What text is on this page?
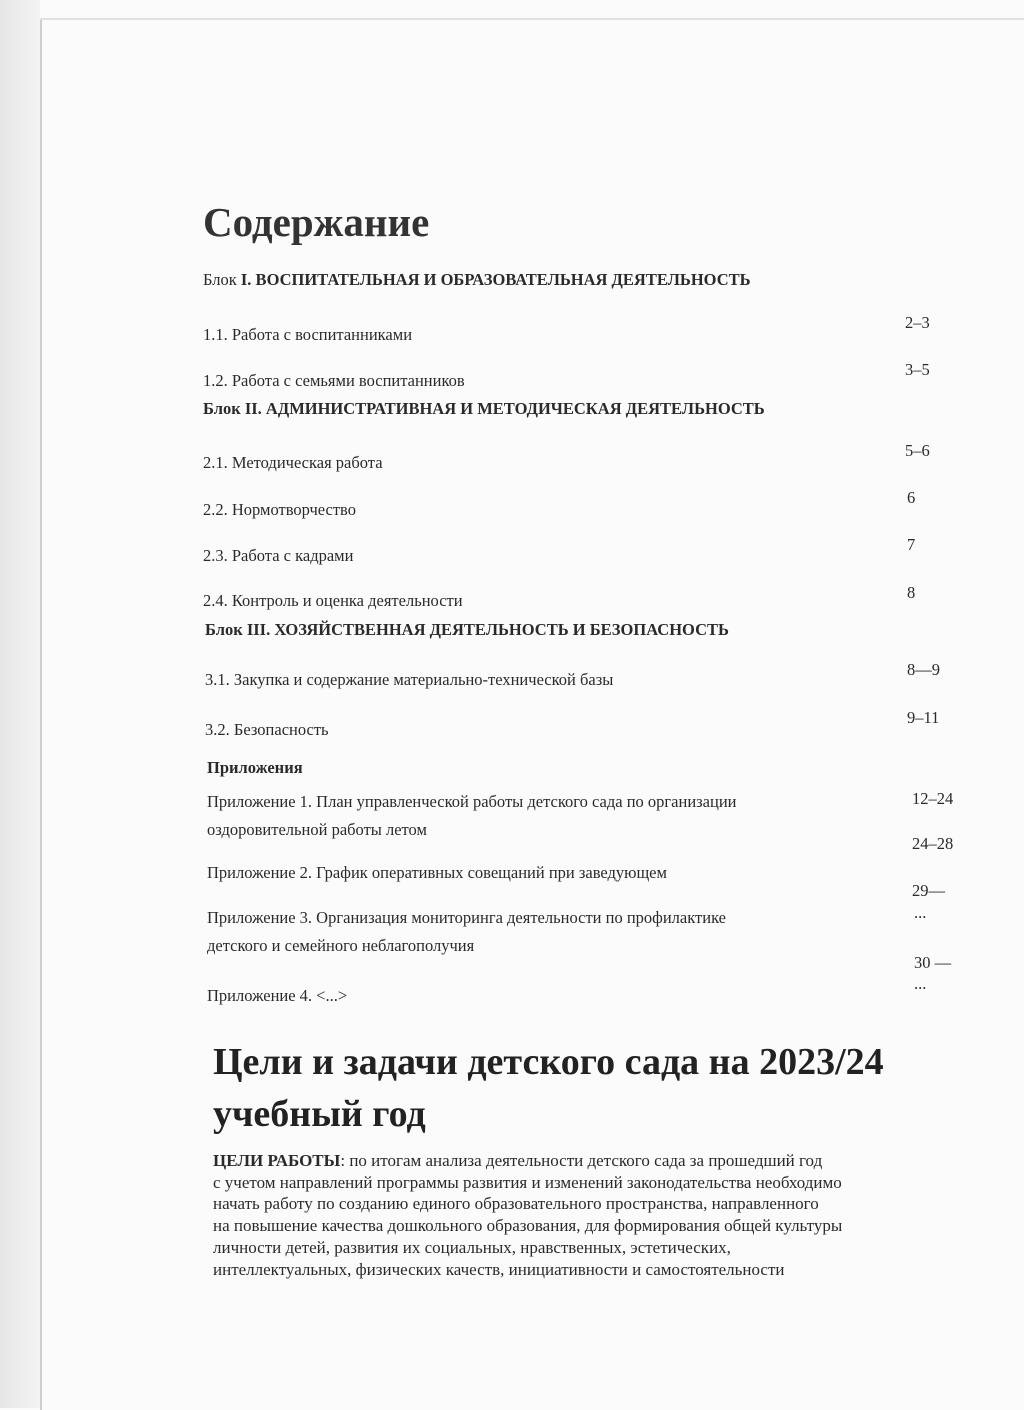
Содержание
Блок I. ВОСПИТАТЕЛЬНАЯ И ОБРАЗОВАТЕЛЬНАЯ ДЕЯТЕЛЬНОСТЬ
1.1. Работа с воспитанниками
2–3
1.2. Работа с семьями воспитанников
3–5
Блок II. АДМИНИСТРАТИВНАЯ И МЕТОДИЧЕСКАЯ ДЕЯТЕЛЬНОСТЬ
2.1. Методическая работа
5–6
2.2. Нормотворчество
6
2.3. Работа с кадрами
7
2.4. Контроль и оценка деятельности	8
Блок III. ХОЗЯЙСТВЕННАЯ ДЕЯТЕЛЬНОСТЬ И БЕЗОПАСНОСТЬ
3.1. Закупка и содержание материально-технической базы
8—9
3.2. Безопасность
9–11
Приложения
Приложение 1. План управленческой работы детского сада по организации
оздоровительной работы летом
12–24
24–28
Приложение 2. График оперативных совещаний при заведующем
29—
...
Приложение 3. Организация мониторинга деятельности по профилактике
детского и семейного неблагополучия
30 —
...
Приложение 4. <...>
Цели и задачи детского сада на 2023/24
учебный год
ЦЕЛИ РАБОТЫ: по итогам анализа деятельности детского сада за прошедший год
с учетом направлений программы развития и изменений законодательства необходимо
начать работу по созданию единого образовательного пространства, направленного
на повышение качества дошкольного образования, для формирования общей культуры
личности детей, развития их социальных, нравственных, эстетических,
интеллектуальных, физических качеств, инициативности и самостоятельности
